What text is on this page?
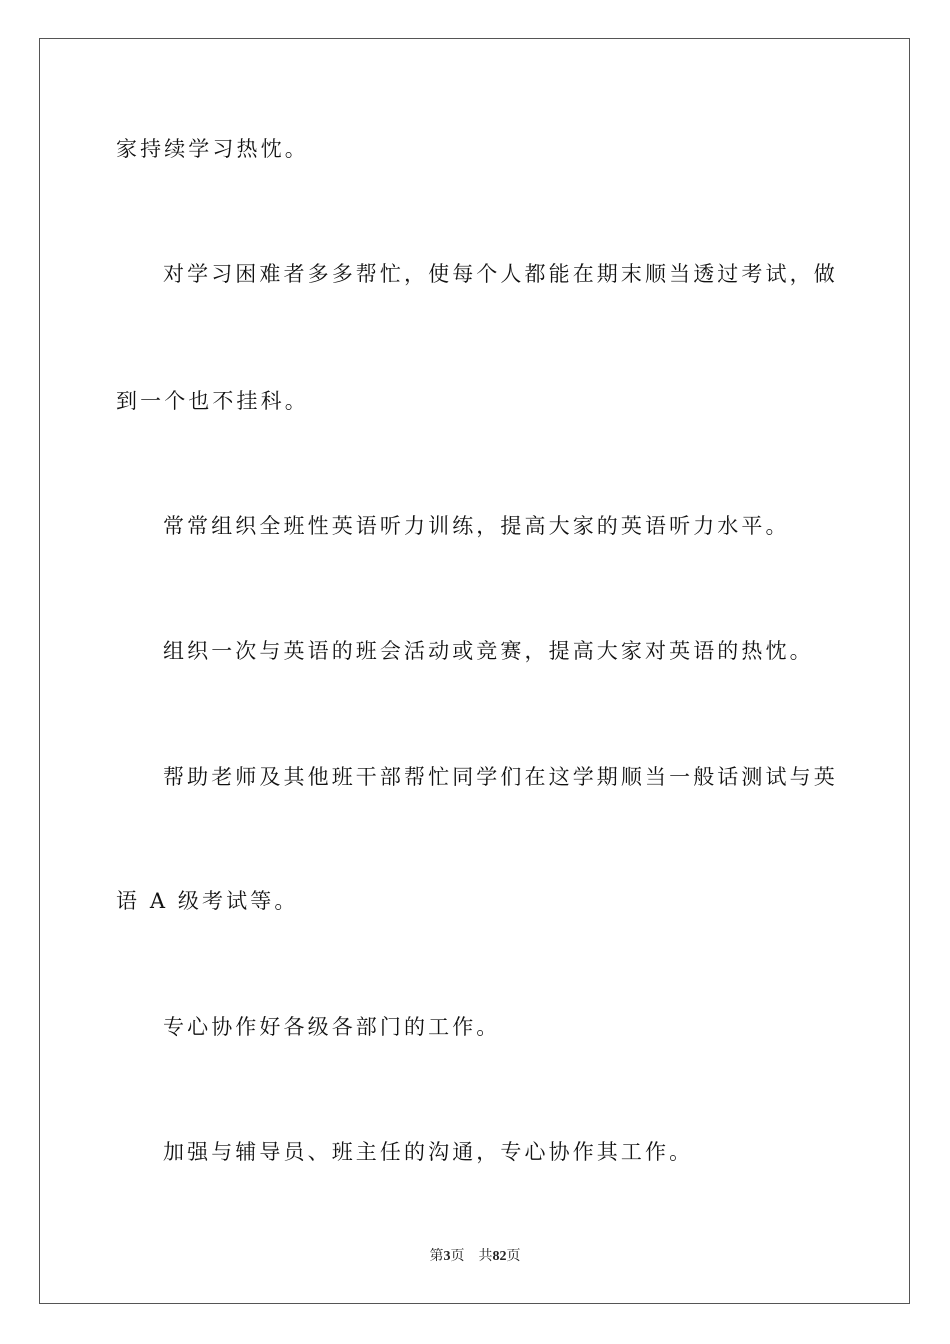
家持续学习热忱。

对学习困难者多多帮忙，使每个人都能在期末顺当透过考试，做

到一个也不挂科。

常常组织全班性英语听力训练，提高大家的英语听力水平。

组织一次与英语的班会活动或竞赛，提高大家对英语的热忱。

帮助老师及其他班干部帮忙同学们在这学期顺当一般话测试与英

语 A 级考试等。

专心协作好各级各部门的工作。

加强与辅导员、班主任的沟通，专心协作其工作。

第3页 共82页
